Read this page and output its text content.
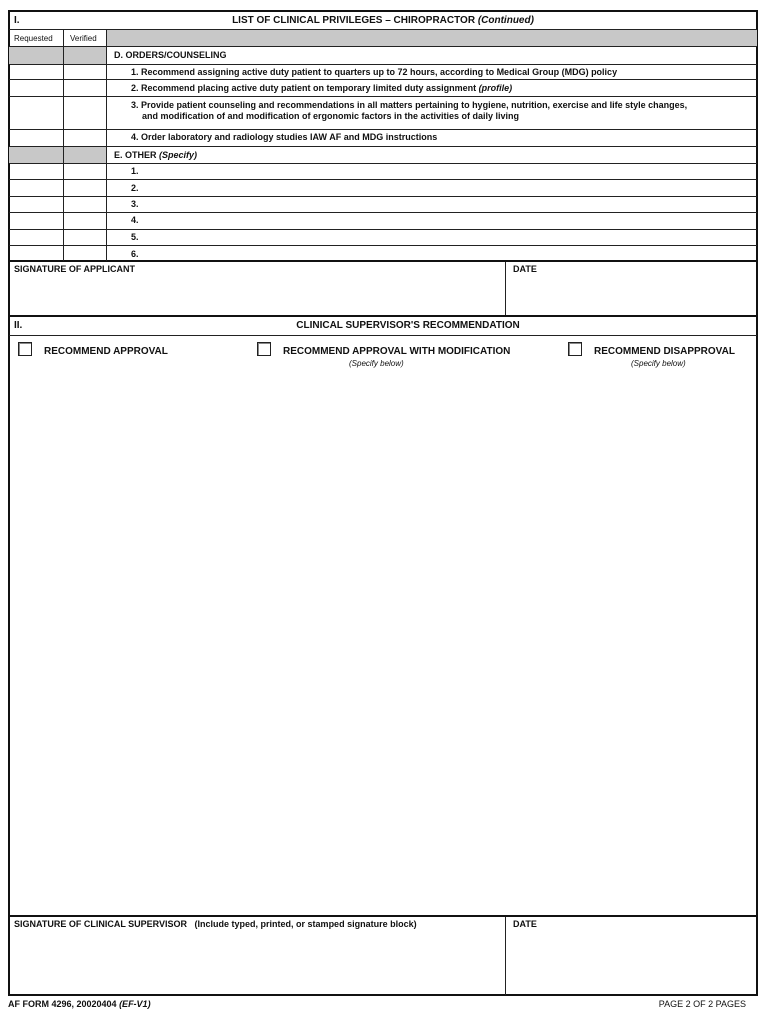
I.	LIST OF CLINICAL PRIVILEGES – CHIROPRACTOR (Continued)
Requested Verified
D. ORDERS/COUNSELING
1. Recommend assigning active duty patient to quarters up to 72 hours, according to Medical Group (MDG) policy
2. Recommend placing active duty patient on temporary limited duty assignment (profile)
3. Provide patient counseling and recommendations in all matters pertaining to hygiene, nutrition, exercise and life style changes,
and modification of and modification of ergonomic factors in the activities of daily living
4. Order laboratory and radiology studies IAW AF and MDG instructions
E. OTHER (Specify)
1.
2.
3.
4.
5.
6.
SIGNATURE OF APPLICANT	DATE
II.	CLINICAL SUPERVISOR'S RECOMMENDATION
RECOMMEND APPROVAL	RECOMMEND APPROVAL WITH MODIFICATION
(Specify below)
RECOMMEND DISAPPROVAL
(Specify below)
SIGNATURE OF CLINICAL SUPERVISOR (Include typed, printed, or stamped signature block)	DATE
AF FORM 4296, 20020404 (EF-V1)	PAGE 2 OF 2 PAGES
